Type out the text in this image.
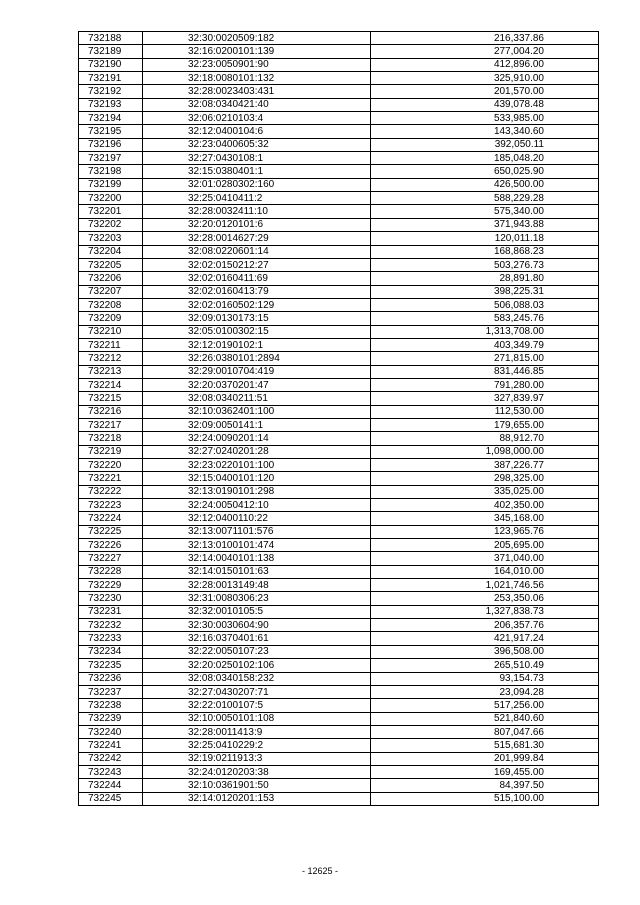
732188	32:30:0020509:182	216,337.86
732189	32:16:0200101:139	277,004.20
732190	32:23:0050901:90	412,896.00
732191	32:18:0080101:132	325,910.00
732192	32:28:0023403:431	201,570.00
732193	32:08:0340421:40	439,078.48
732194	32:06:0210103:4	533,985.00
732195	32:12:0400104:6	143,340.60
732196	32:23:0400605:32	392,050.11
732197	32:27:0430108:1	185,048.20
732198	32:15:0380401:1	650,025.90
732199	32:01:0280302:160	426,500.00
732200	32:25:0410411:2	588,229.28
732201	32:28:0032411:10	575,340.00
732202	32:20:0120101:6	371,943.88
732203	32:28:0014627:29	120,011.18
732204	32:08:0220601:14	168,868.23
732205	32:02:0150212:27	503,276.73
732206	32:02:0160411:69	28,891.80
732207	32:02:0160413:79	398,225.31
732208	32:02:0160502:129	506,088.03
732209	32:09:0130173:15	583,245.76
732210	32:05:0100302:15	1,313,708.00
732211	32:12:0190102:1	403,349.79
732212	32:26:0380101:2894	271,815.00
732213	32:29:0010704:419	831,446.85
732214	32:20:0370201:47	791,280.00
732215	32:08:0340211:51	327,839.97
732216	32:10:0362401:100	112,530.00
732217	32:09:0050141:1	179,655.00
732218	32:24:0090201:14	88,912.70
732219	32:27:0240201:28	1,098,000.00
732220	32:23:0220101:100	387,226.77
732221	32:15:0400101:120	298,325.00
732222	32:13:0190101:298	335,025.00
732223	32:24:0050412:10	402,350.00
732224	32:12:0400110:22	345,168.00
732225	32:13:0071101:576	123,965.76
732226	32:13:0100101:474	205,695.00
732227	32:14:0040101:138	371,040.00
732228	32:14:0150101:63	164,010.00
732229	32:28:0013149:48	1,021,746.56
732230	32:31:0080306:23	253,350.06
732231	32:32:0010105:5	1,327,838.73
732232	32:30:0030604:90	206,357.76
732233	32:16:0370401:61	421,917.24
732234	32:22:0050107:23	396,508.00
732235	32:20:0250102:106	265,510.49
732236	32:08:0340158:232	93,154.73
732237	32:27:0430207:71	23,094.28
732238	32:22:0100107:5	517,256.00
732239	32:10:0050101:108	521,840.60
732240	32:28:0011413:9	807,047.66
732241	32:25:0410229:2	515,681.30
732242	32:19:0211913:3	201,999.84
732243	32:24:0120203:38	169,455.00
732244	32:10:0361901:50	84,397.50
732245	32:14:0120201:153	515,100.00
- 12625 -
